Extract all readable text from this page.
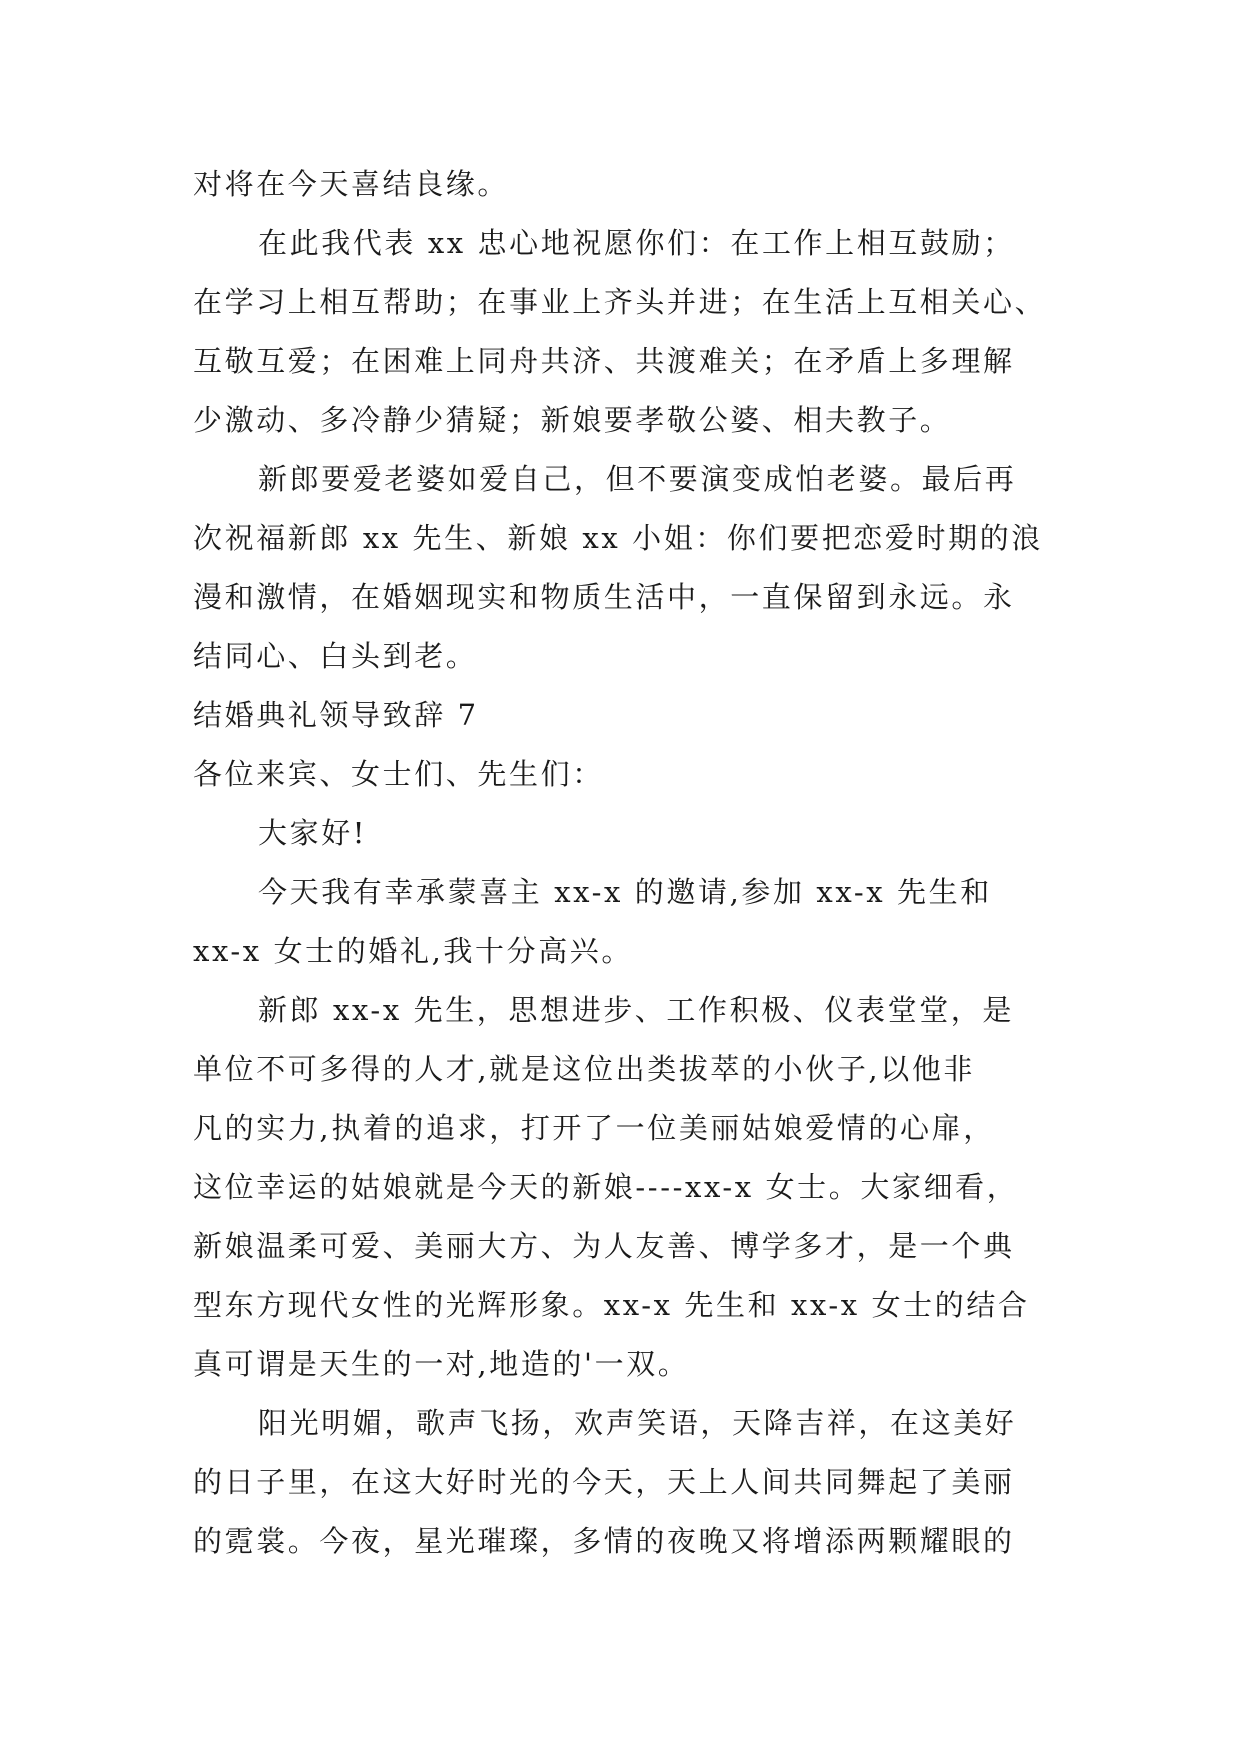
对将在今天喜结良缘。
在此我代表 xx 忠心地祝愿你们：在工作上相互鼓励；
在学习上相互帮助；在事业上齐头并进；在生活上互相关心、
互敬互爱；在困难上同舟共济、共渡难关；在矛盾上多理解
少激动、多冷静少猜疑；新娘要孝敬公婆、相夫教子。
新郎要爱老婆如爱自己，但不要演变成怕老婆。最后再
次祝福新郎 xx 先生、新娘 xx 小姐：你们要把恋爱时期的浪
漫和激情，在婚姻现实和物质生活中，一直保留到永远。永
结同心、白头到老。
结婚典礼领导致辞 7
各位来宾、女士们、先生们：
大家好!
今天我有幸承蒙喜主 xx-x 的邀请,参加 xx-x 先生和
xx-x 女士的婚礼,我十分高兴。
新郎 xx-x 先生，思想进步、工作积极、仪表堂堂，是
单位不可多得的人才,就是这位出类拔萃的小伙子,以他非
凡的实力,执着的追求，打开了一位美丽姑娘爱情的心扉，
这位幸运的姑娘就是今天的新娘----xx-x 女士。大家细看，
新娘温柔可爱、美丽大方、为人友善、博学多才，是一个典
型东方现代女性的光辉形象。xx-x 先生和 xx-x 女士的结合
真可谓是天生的一对,地造的'一双。
阳光明媚，歌声飞扬，欢声笑语，天降吉祥，在这美好
的日子里，在这大好时光的今天，天上人间共同舞起了美丽
的霓裳。今夜，星光璀璨，多情的夜晚又将增添两颗耀眼的
